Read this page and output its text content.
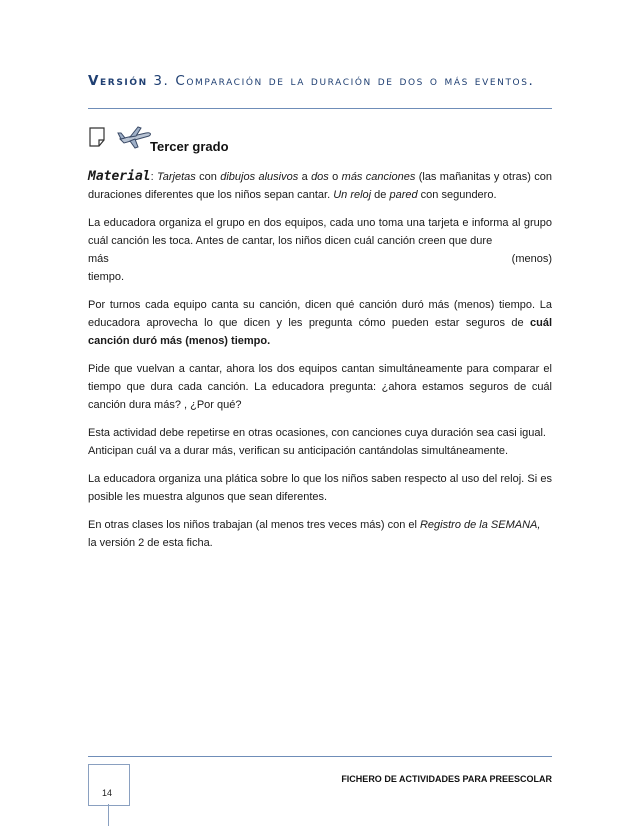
Versión 3. Comparación de la duración de dos o más eventos.
Tercer grado

Material: Tarjetas con dibujos alusivos a dos o más canciones (las mañanitas y otras) con duraciones diferentes que los niños sepan cantar. Un reloj de pared con segundero.

La educadora organiza el grupo en dos equipos, cada uno toma una tarjeta e informa al grupo cuál canción les toca. Antes de cantar, los niños dicen cuál canción creen que dure

más	(menos)

tiempo.

Por turnos cada equipo canta su canción, dicen qué canción duró más (menos) tiempo. La educadora aprovecha lo que dicen y les pregunta cómo pueden estar seguros de cuál canción duró más (menos) tiempo.

Pide que vuelvan a cantar, ahora los dos equipos cantan simultáneamente para comparar el tiempo que dura cada canción. La educadora pregunta: ¿ahora estamos seguros de cuál canción dura más? , ¿Por qué?

Esta actividad debe repetirse en otras ocasiones, con canciones cuya duración sea casi igual.
Anticipan cuál va a durar más, verifican su anticipación cantándolas simultáneamente.

La educadora organiza una plática sobre lo que los niños saben respecto al uso del reloj. Si es posible les muestra algunos que sean diferentes.

En otras clases los niños trabajan (al menos tres veces más) con el Registro de la SEMANA,
la versión 2 de esta ficha.

FICHERO DE ACTIVIDADES PARA PREESCOLAR
14
